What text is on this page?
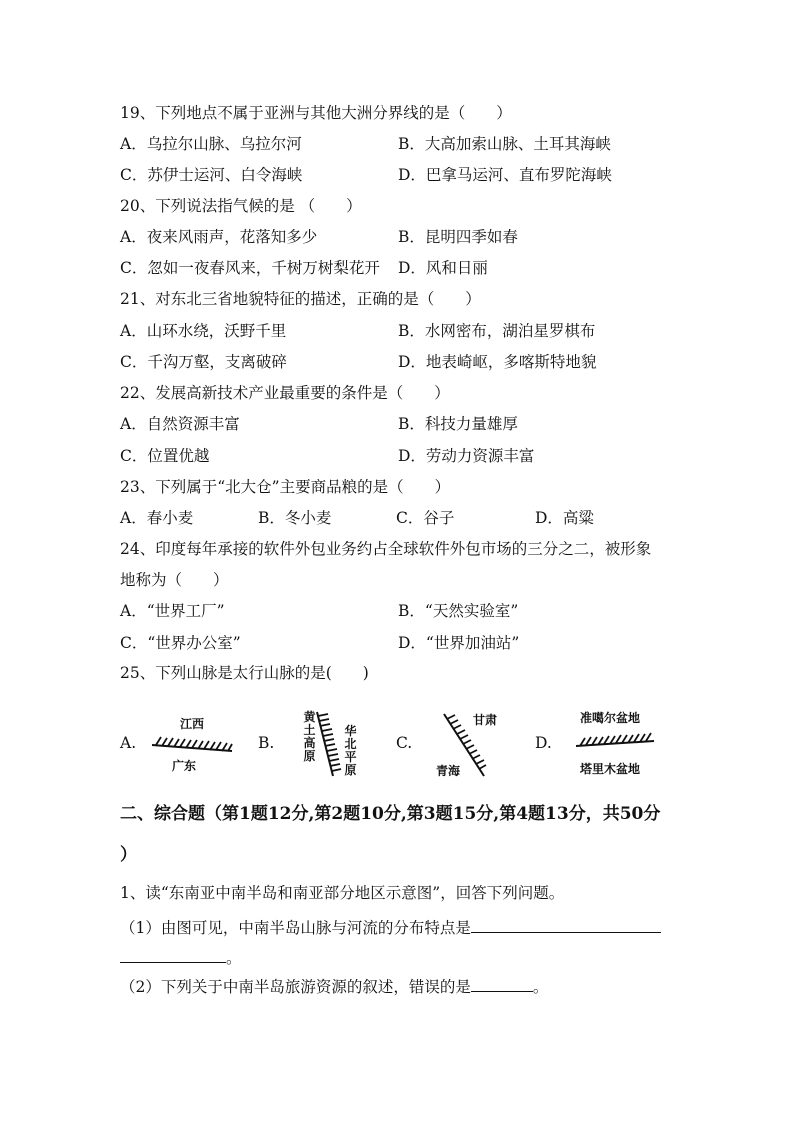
19、下列地点不属于亚洲与其他大洲分界线的是（　　）
A．乌拉尔山脉、乌拉尔河	B．大高加索山脉、土耳其海峡
C．苏伊士运河、白令海峡	D．巴拿马运河、直布罗陀海峡
20、下列说法指气候的是 （　　）
A．夜来风雨声，花落知多少	B．昆明四季如春
C．忽如一夜春风来，千树万树梨花开 D．风和日丽
21、对东北三省地貌特征的描述，正确的是（　　）
A．山环水绕，沃野千里	B．水网密布，湖泊星罗棋布
C．千沟万壑，支离破碎	D．地表崎岖，多喀斯特地貌
22、发展高新技术产业最重要的条件是（　　）
A．自然资源丰富	B．科技力量雄厚
C．位置优越	D．劳动力资源丰富
23、下列属于“北大仓”主要商品粮的是（　　）
A．春小麦	B．冬小麦	C．谷子	D．高粱
24、印度每年承接的软件外包业务约占全球软件外包市场的三分之二，被形象
地称为（　　）
A．“世界工厂”	B．“天然实验室”
C．“世界办公室”	D．“世界加油站”
25、下列山脉是太行山脉的是(　　)
A.
江西
广东
B.
黄土高原
华北平原
C.
甘肃
青海
D.
准噶尔盆地
塔里木盆地
二、综合题（第1题12分,第2题10分,第3题15分,第4题13分，共50分
）
1、读“东南亚中南半岛和南亚部分地区示意图”，回答下列问题。
（1）由图可见，中南半岛山脉与河流的分布特点是
。
（2）下列关于中南半岛旅游资源的叙述，错误的是	。
